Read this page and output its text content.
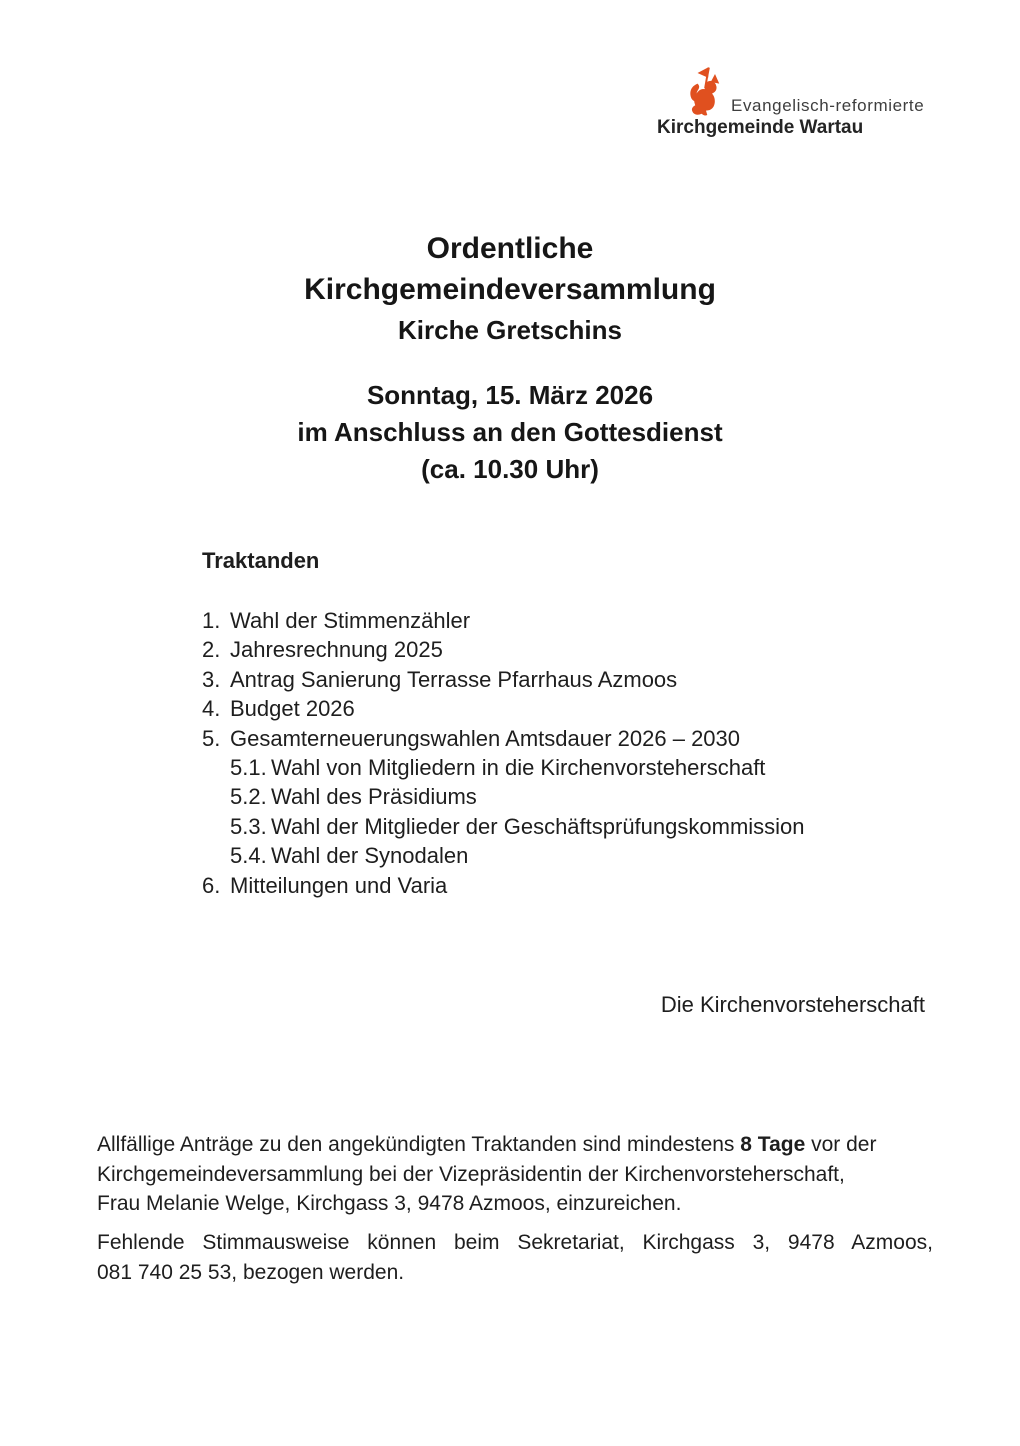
Evangelisch-reformierte
Kirchgemeinde Wartau
Ordentliche
Kirchgemeindeversammlung
Kirche Gretschins
Sonntag, 15. März 2026
im Anschluss an den Gottesdienst
(ca. 10.30 Uhr)
Traktanden
1. Wahl der Stimmenzähler
2. Jahresrechnung 2025
3. Antrag Sanierung Terrasse Pfarrhaus Azmoos
4. Budget 2026
5. Gesamterneuerungswahlen Amtsdauer 2026 – 2030
5.1. Wahl von Mitgliedern in die Kirchenvorsteherschaft
5.2. Wahl des Präsidiums
5.3. Wahl der Mitglieder der Geschäftsprüfungskommission
5.4. Wahl der Synodalen
6. Mitteilungen und Varia
Die Kirchenvorsteherschaft
Allfällige Anträge zu den angekündigten Traktanden sind mindestens 8 Tage vor der
Kirchgemeindeversammlung bei der Vizepräsidentin der Kirchenvorsteherschaft,
Frau Melanie Welge, Kirchgass 3, 9478 Azmoos, einzureichen.
Fehlende Stimmausweise können beim Sekretariat, Kirchgass 3, 9478 Azmoos,
081 740 25 53, bezogen werden.
